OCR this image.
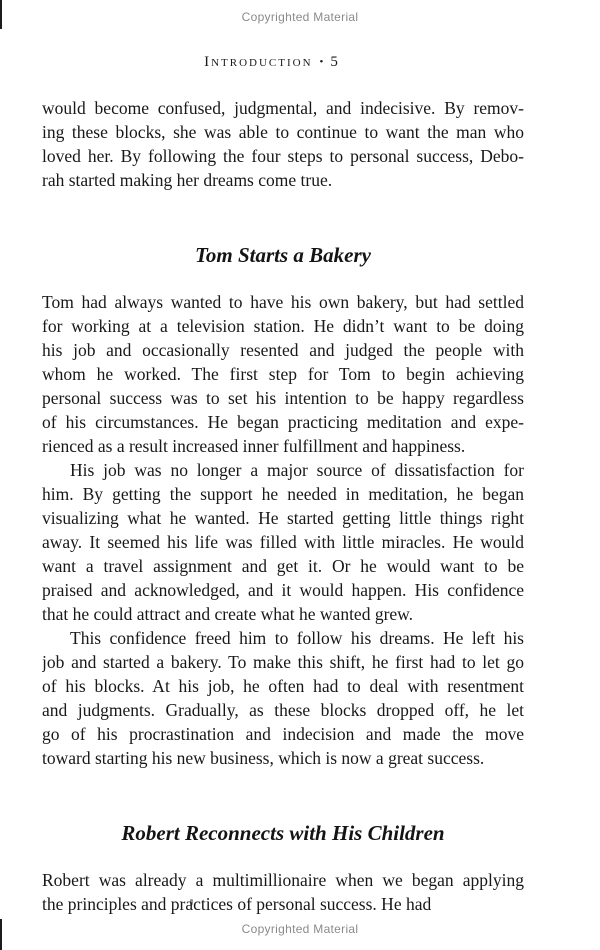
Copyrighted Material
Introduction • 5
would become confused, judgmental, and indecisive. By remov-
ing these blocks, she was able to continue to want the man who
loved her. By following the four steps to personal success, Debo-
rah started making her dreams come true.
Tom Starts a Bakery
Tom had always wanted to have his own bakery, but had settled
for working at a television station. He didn’t want to be doing
his job and occasionally resented and judged the people with
whom he worked. The first step for Tom to begin achieving
personal success was to set his intention to be happy regardless
of his circumstances. He began practicing meditation and expe-
rienced as a result increased inner fulfillment and happiness.
His job was no longer a major source of dissatisfaction for
him. By getting the support he needed in meditation, he began
visualizing what he wanted. He started getting little things right
away. It seemed his life was filled with little miracles. He would
want a travel assignment and get it. Or he would want to be
praised and acknowledged, and it would happen. His confidence
that he could attract and create what he wanted grew.
This confidence freed him to follow his dreams. He left his
job and started a bakery. To make this shift, he first had to let go
of his blocks. At his job, he often had to deal with resentment
and judgments. Gradually, as these blocks dropped off, he let
go of his procrastination and indecision and made the move
toward starting his new business, which is now a great success.
Robert Reconnects with His Children
Robert was already a multimillionaire when we began applying
the principles and practices of personal success. He had
Copyrighted Material
